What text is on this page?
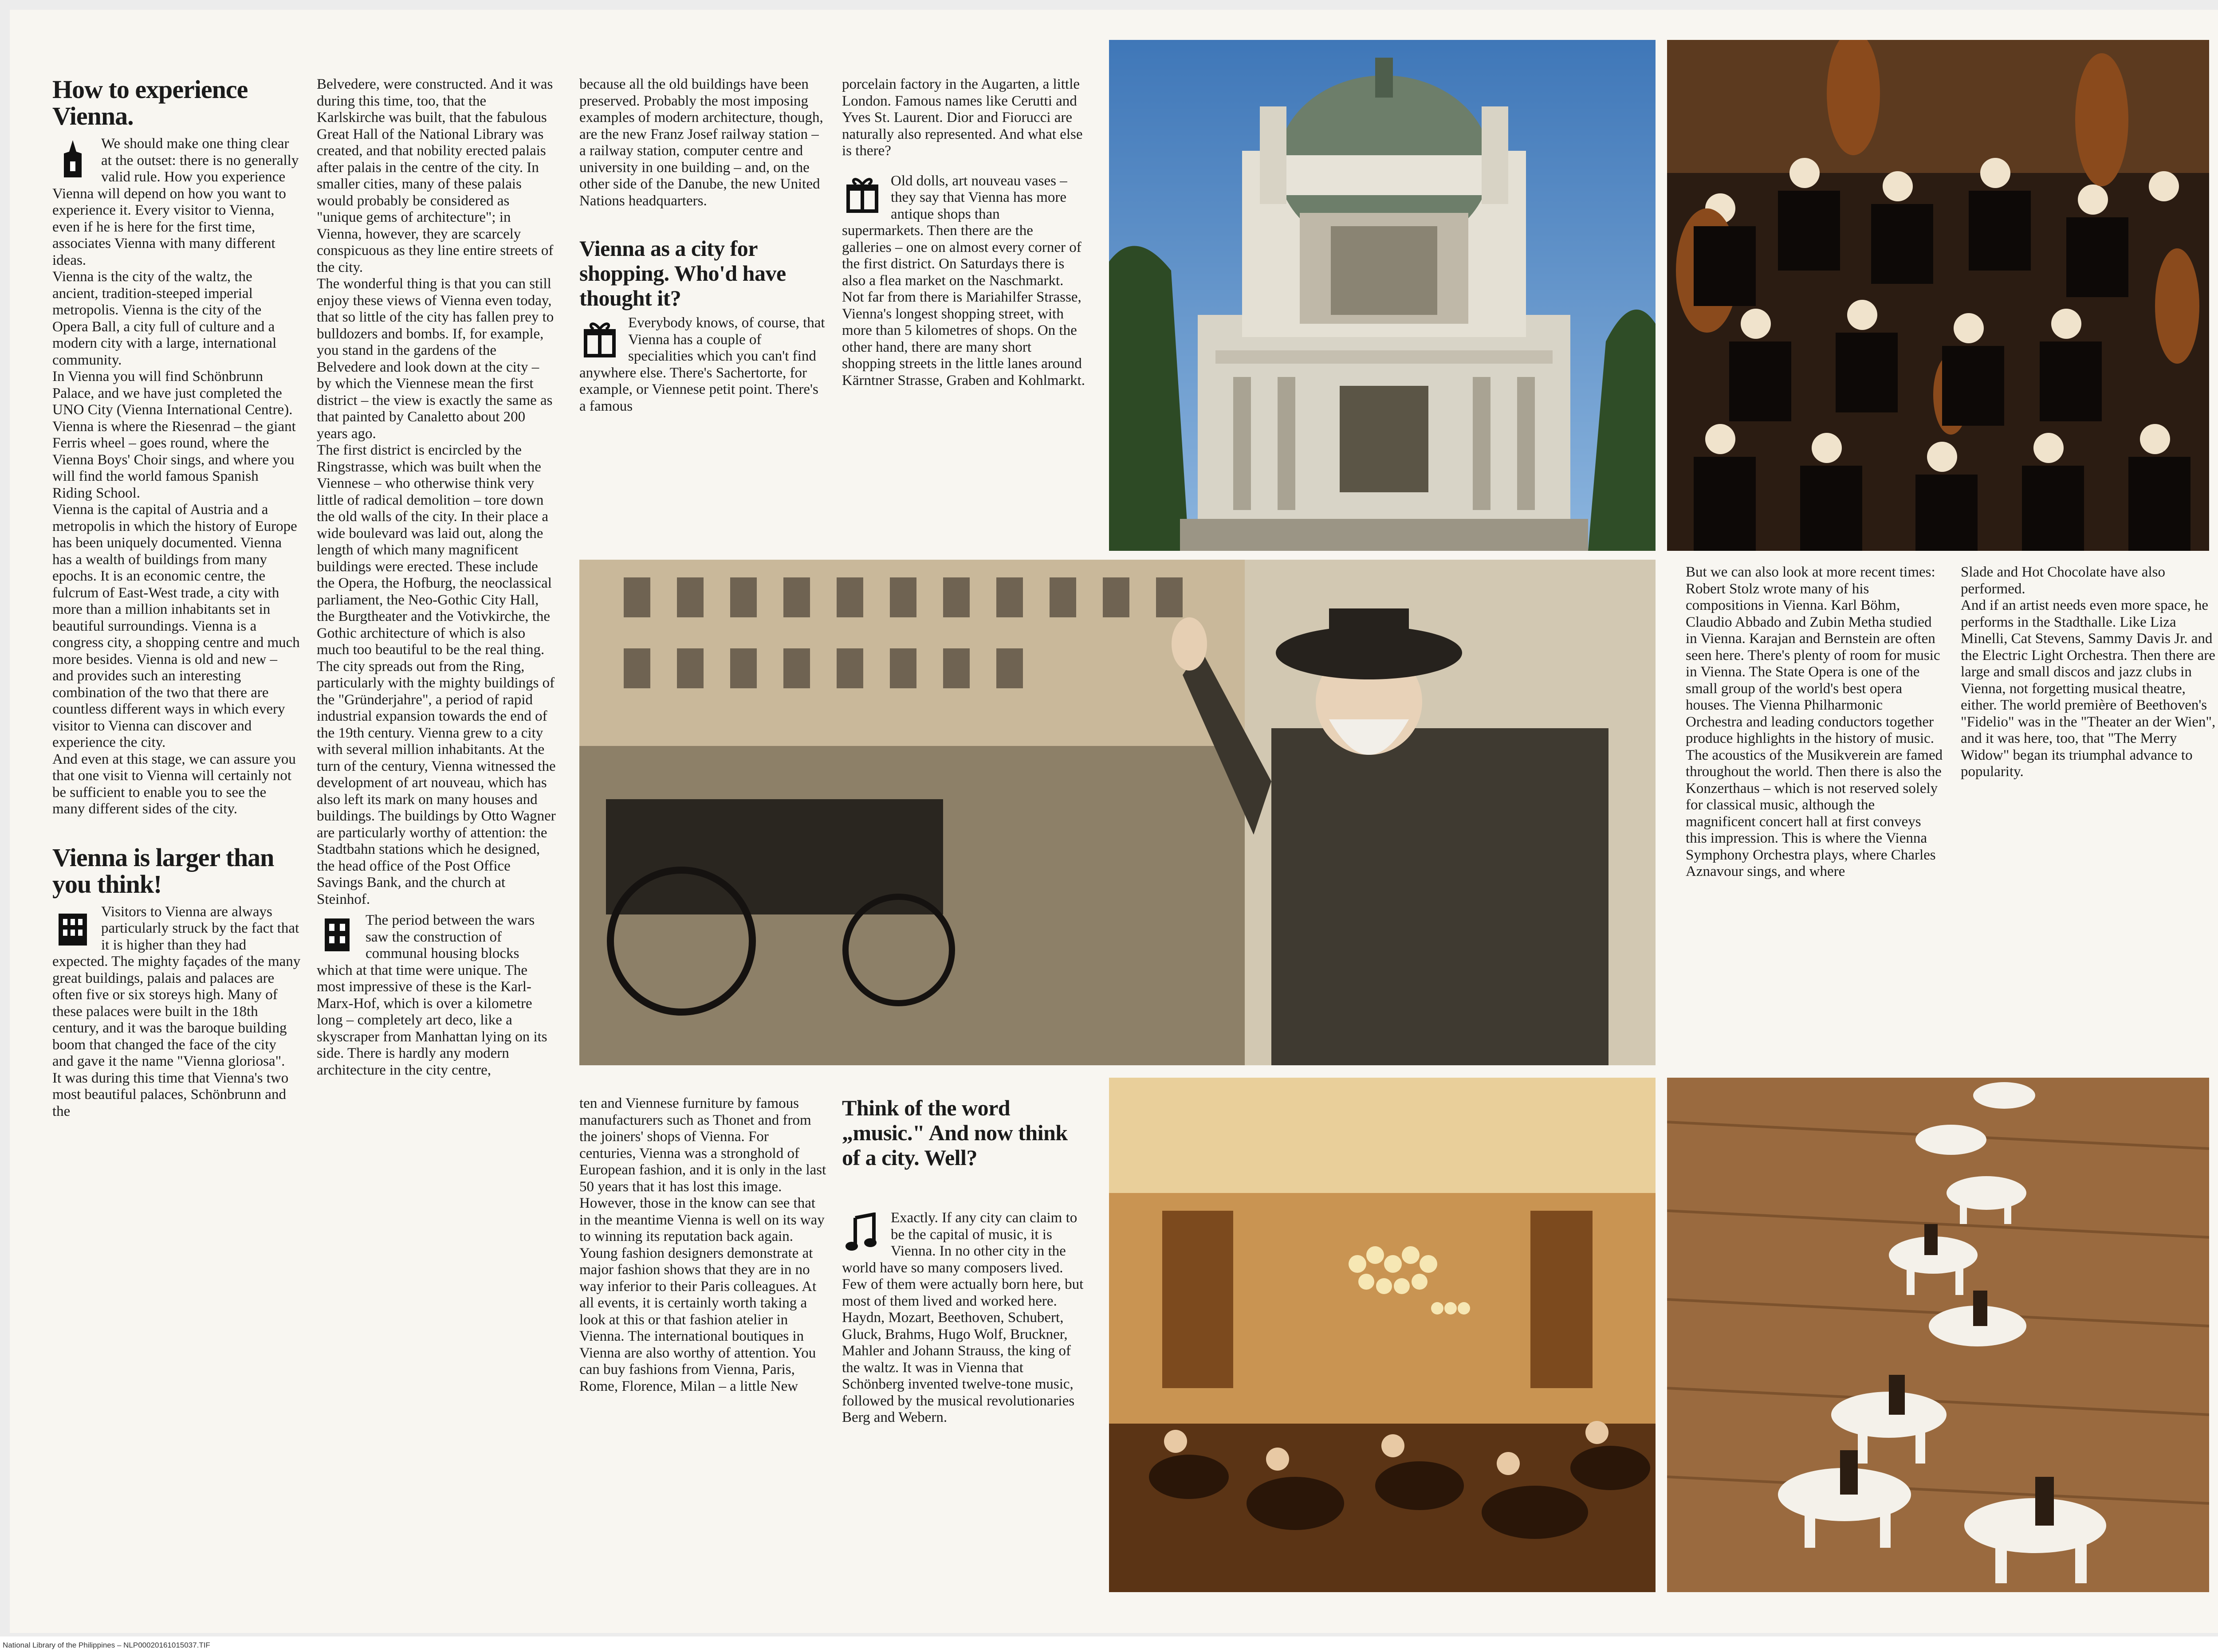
How to experience Vienna.

We should make one thing clear at the outset: there is no generally valid rule. How you experience Vienna will depend on how you want to experience it. Every visitor to Vienna, even if he is here for the first time, associates Vienna with many different ideas.

Vienna is the city of the waltz, the ancient, tradition-steeped imperial metropolis. Vienna is the city of the Opera Ball, a city full of culture and a modern city with a large, international community.

In Vienna you will find Schönbrunn Palace, and we have just completed the UNO City (Vienna International Centre). Vienna is where the Riesenrad – the giant Ferris wheel – goes round, where the Vienna Boys' Choir sings, and where you will find the world famous Spanish Riding School.

Vienna is the capital of Austria and a metropolis in which the history of Europe has been uniquely documented. Vienna has a wealth of buildings from many epochs. It is an economic centre, the fulcrum of East-West trade, a city with more than a million inhabitants set in beautiful surroundings. Vienna is a congress city, a shopping centre and much more besides. Vienna is old and new – and provides such an interesting combination of the two that there are countless different ways in which every visitor to Vienna can discover and experience the city.

And even at this stage, we can assure you that one visit to Vienna will certainly not be sufficient to enable you to see the many different sides of the city.

Vienna is larger than you think!

Visitors to Vienna are always particularly struck by the fact that it is higher than they had expected. The mighty façades of the many great buildings, palais and palaces are often five or six storeys high. Many of these palaces were built in the 18th century, and it was the baroque building boom that changed the face of the city and gave it the name "Vienna gloriosa".

It was during this time that Vienna's two most beautiful palaces, Schönbrunn and the

Belvedere, were constructed. And it was during this time, too, that the Karlskirche was built, that the fabulous Great Hall of the National Library was created, and that nobility erected palais after palais in the centre of the city. In smaller cities, many of these palais would probably be considered as "unique gems of architecture"; in Vienna, however, they are scarcely conspicuous as they line entire streets of the city.

The wonderful thing is that you can still enjoy these views of Vienna even today, that so little of the city has fallen prey to bulldozers and bombs. If, for example, you stand in the gardens of the Belvedere and look down at the city – by which the Viennese mean the first district – the view is exactly the same as that painted by Canaletto about 200 years ago.

The first district is encircled by the Ringstrasse, which was built when the Viennese – who otherwise think very little of radical demolition – tore down the old walls of the city. In their place a wide boulevard was laid out, along the length of which many magnificent buildings were erected. These include the Opera, the Hofburg, the neoclassical parliament, the Neo-Gothic City Hall, the Burgtheater and the Votivkirche, the Gothic architecture of which is also much too beautiful to be the real thing. The city spreads out from the Ring, particularly with the mighty buildings of the "Gründerjahre", a period of rapid industrial expansion towards the end of the 19th century. Vienna grew to a city with several million inhabitants. At the turn of the century, Vienna witnessed the development of art nouveau, which has also left its mark on many houses and buildings. The buildings by Otto Wagner are particularly worthy of attention: the Stadtbahn stations which he designed, the head office of the Post Office Savings Bank, and the church at Steinhof.

The period between the wars saw the construction of communal housing blocks which at that time were unique. The most impressive of these is the Karl-Marx-Hof, which is over a kilometre long – completely art deco, like a skyscraper from Manhattan lying on its side. There is hardly any modern architecture in the city centre,

because all the old buildings have been preserved. Probably the most imposing examples of modern architecture, though, are the new Franz Josef railway station – a railway station, computer centre and university in one building – and, on the other side of the Danube, the new United Nations headquarters.

Vienna as a city for shopping. Who'd have thought it?

Everybody knows, of course, that Vienna has a couple of specialities which you can't find anywhere else. There's Sachertorte, for example, or Viennese petit point. There's a famous

porcelain factory in the Augarten, a little London. Famous names like Cerutti and Yves St. Laurent. Dior and Fiorucci are naturally also represented. And what else is there?

Old dolls, art nouveau vases – they say that Vienna has more antique shops than supermarkets. Then there are the galleries – one on almost every corner of the first district. On Saturdays there is also a flea market on the Naschmarkt. Not far from there is Mariahilfer Strasse, Vienna's longest shopping street, with more than 5 kilometres of shops. On the other hand, there are many short shopping streets in the little lanes around Kärntner Strasse, Graben and Kohlmarkt.

ten and Viennese furniture by famous manufacturers such as Thonet and from the joiners' shops of Vienna. For centuries, Vienna was a stronghold of European fashion, and it is only in the last 50 years that it has lost this image. However, those in the know can see that in the meantime Vienna is well on its way to winning its reputation back again. Young fashion designers demonstrate at major fashion shows that they are in no way inferior to their Paris colleagues. At all events, it is certainly worth taking a look at this or that fashion atelier in Vienna. The international boutiques in Vienna are also worthy of attention. You can buy fashions from Vienna, Paris, Rome, Florence, Milan – a little New

Think of the word „music." And now think of a city. Well?

Exactly. If any city can claim to be the capital of music, it is Vienna. In no other city in the world have so many composers lived. Few of them were actually born here, but most of them lived and worked here. Haydn, Mozart, Beethoven, Schubert, Gluck, Brahms, Hugo Wolf, Bruckner, Mahler and Johann Strauss, the king of the waltz. It was in Vienna that Schönberg invented twelve-tone music, followed by the musical revolutionaries Berg and Webern.

But we can also look at more recent times: Robert Stolz wrote many of his compositions in Vienna. Karl Böhm, Claudio Abbado and Zubin Metha studied in Vienna. Karajan and Bernstein are often seen here. There's plenty of room for music in Vienna. The State Opera is one of the small group of the world's best opera houses. The Vienna Philharmonic Orchestra and leading conductors together produce highlights in the history of music. The acoustics of the Musikverein are famed throughout the world. Then there is also the Konzerthaus – which is not reserved solely for classical music, although the magnificent concert hall at first conveys this impression. This is where the Vienna Symphony Orchestra plays, where Charles Aznavour sings, and where

Slade and Hot Chocolate have also performed.

And if an artist needs even more space, he performs in the Stadthalle. Like Liza Minelli, Cat Stevens, Sammy Davis Jr. and the Electric Light Orchestra. Then there are large and small discos and jazz clubs in Vienna, not forgetting musical theatre, either. The world première of Beethoven's "Fidelio" was in the "Theater an der Wien", and it was here, too, that "The Merry Widow" began its triumphal advance to popularity.

National Library of the Philippines – NLP00020161015037.TIF
